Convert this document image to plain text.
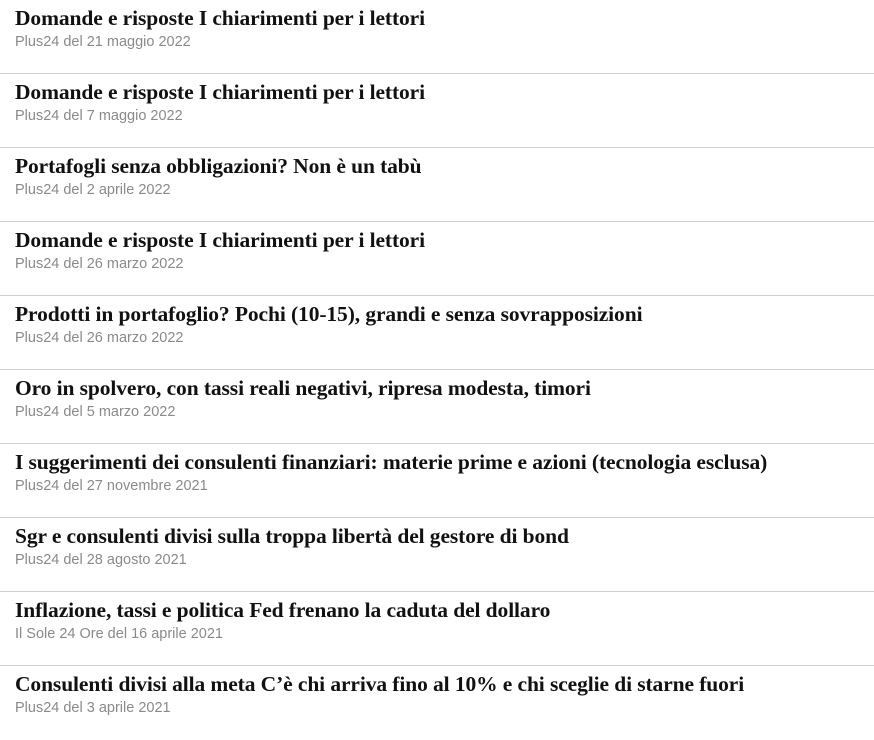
Domande e risposte I chiarimenti per i lettori
Plus24 del 21 maggio 2022
Domande e risposte I chiarimenti per i lettori
Plus24 del 7 maggio 2022
Portafogli senza obbligazioni? Non è un tabù
Plus24 del 2 aprile 2022
Domande e risposte I chiarimenti per i lettori
Plus24 del 26 marzo 2022
Prodotti in portafoglio? Pochi (10-15), grandi e senza sovrapposizioni
Plus24 del 26 marzo 2022
Oro in spolvero, con tassi reali negativi, ripresa modesta, timori
Plus24 del 5 marzo 2022
I suggerimenti dei consulenti finanziari: materie prime e azioni (tecnologia esclusa)
Plus24 del 27 novembre 2021
Sgr e consulenti divisi sulla troppa libertà del gestore di bond
Plus24 del 28 agosto 2021
Inflazione, tassi e politica Fed frenano la caduta del dollaro
Il Sole 24 Ore del 16 aprile 2021
Consulenti divisi alla meta C’è chi arriva fino al 10% e chi sceglie di starne fuori
Plus24 del 3 aprile 2021
